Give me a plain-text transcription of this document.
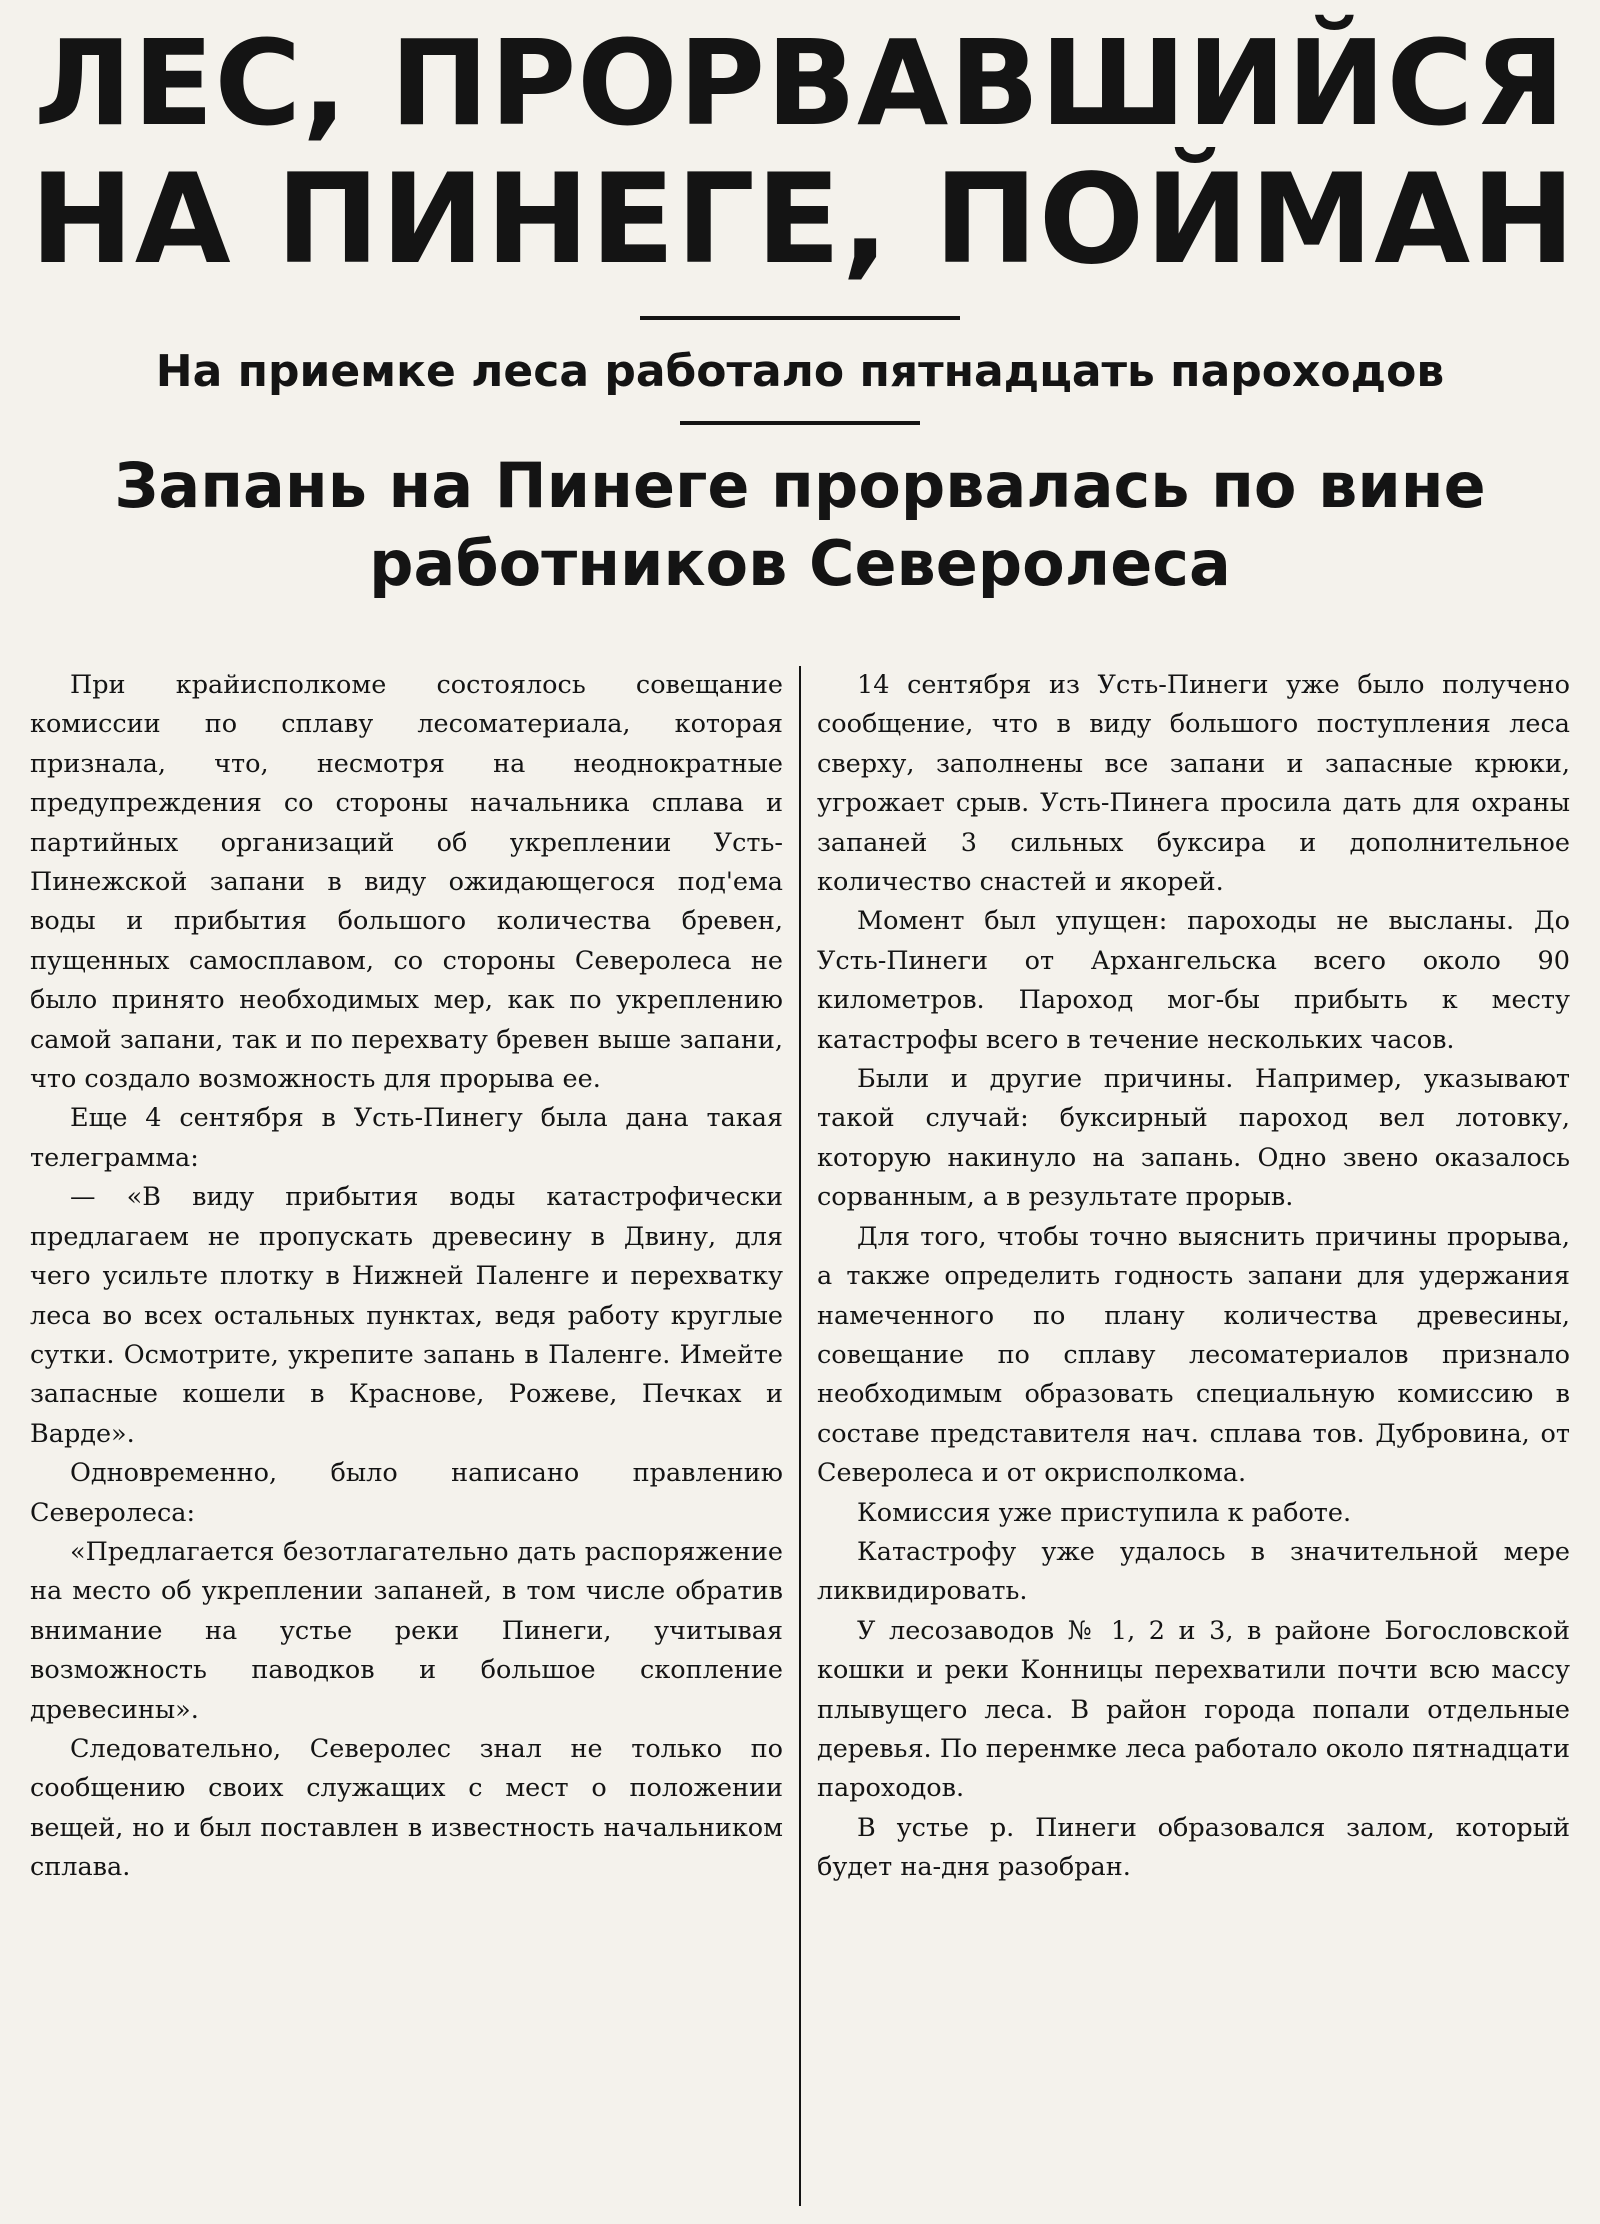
ЛЕС, ПРОРВАВШИЙСЯ
НА ПИНЕГЕ, ПОЙМАН
На приемке леса работало пятнадцать пароходов
Запань на Пинеге прорвалась по вине
работников Северолеса

При крайисполкоме состоялось совещание комиссии по сплаву лесоматериала, которая признала, что, несмотря на неоднократные предупреждения со стороны начальника сплава и партийных организаций об укреплении Усть-Пинежской запани в виду ожидающегося под'ема воды и прибытия большого количества бревен, пущенных самосплавом, со стороны Северолеса не было принято необходимых мер, как по укреплению самой запани, так и по перехвату бревен выше запани, что создало возможность для прорыва ее.

Еще 4 сентября в Усть-Пинегу была дана такая телеграмма:

— «В виду прибытия воды катастрофически предлагаем не пропускать древесину в Двину, для чего усильте плотку в Нижней Паленге и перехватку леса во всех остальных пунктах, ведя работу круглые сутки. Осмотрите, укрепите запань в Паленге. Имейте запасные кошели в Краснове, Рожеве, Печках и Варде».

Одновременно, было написано правлению Северолеса:

«Предлагается безотлагательно дать распоряжение на место об укреплении запаней, в том числе обратив внимание на устье реки Пинеги, учитывая возможность паводков и большое скопление древесины».

Следовательно, Северолес знал не только по сообщению своих служащих с мест о положении вещей, но и был поставлен в известность начальником сплава.

14 сентября из Усть-Пинеги уже было получено сообщение, что в виду большого поступления леса сверху, заполнены все запани и запасные крюки, угрожает срыв. Усть-Пинега просила дать для охраны запаней 3 сильных буксира и дополнительное количество снастей и якорей.

Момент был упущен: пароходы не высланы. До Усть-Пинеги от Архангельска всего около 90 километров. Пароход мог-бы прибыть к месту катастрофы всего в течение нескольких часов.

Были и другие причины. Например, указывают такой случай: буксирный пароход вел лотовку, которую накинуло на запань. Одно звено оказалось сорванным, а в результате прорыв.

Для того, чтобы точно выяснить причины прорыва, а также определить годность запани для удержания намеченного по плану количества древесины, совещание по сплаву лесоматериалов признало необходимым образовать специальную комиссию в составе представителя нач. сплава тов. Дубровина, от Северолеса и от окрисполкома.

Комиссия уже приступила к работе.

Катастрофу уже удалось в значительной мере ликвидировать.

У лесозаводов № 1, 2 и 3, в районе Богословской кошки и реки Конницы перехватили почти всю массу плывущего леса. В район города попали отдельные деревья. По перенмке леса работало около пятнадцати пароходов.

В устье р. Пинеги образовался залом, который будет на-дня разобран.
